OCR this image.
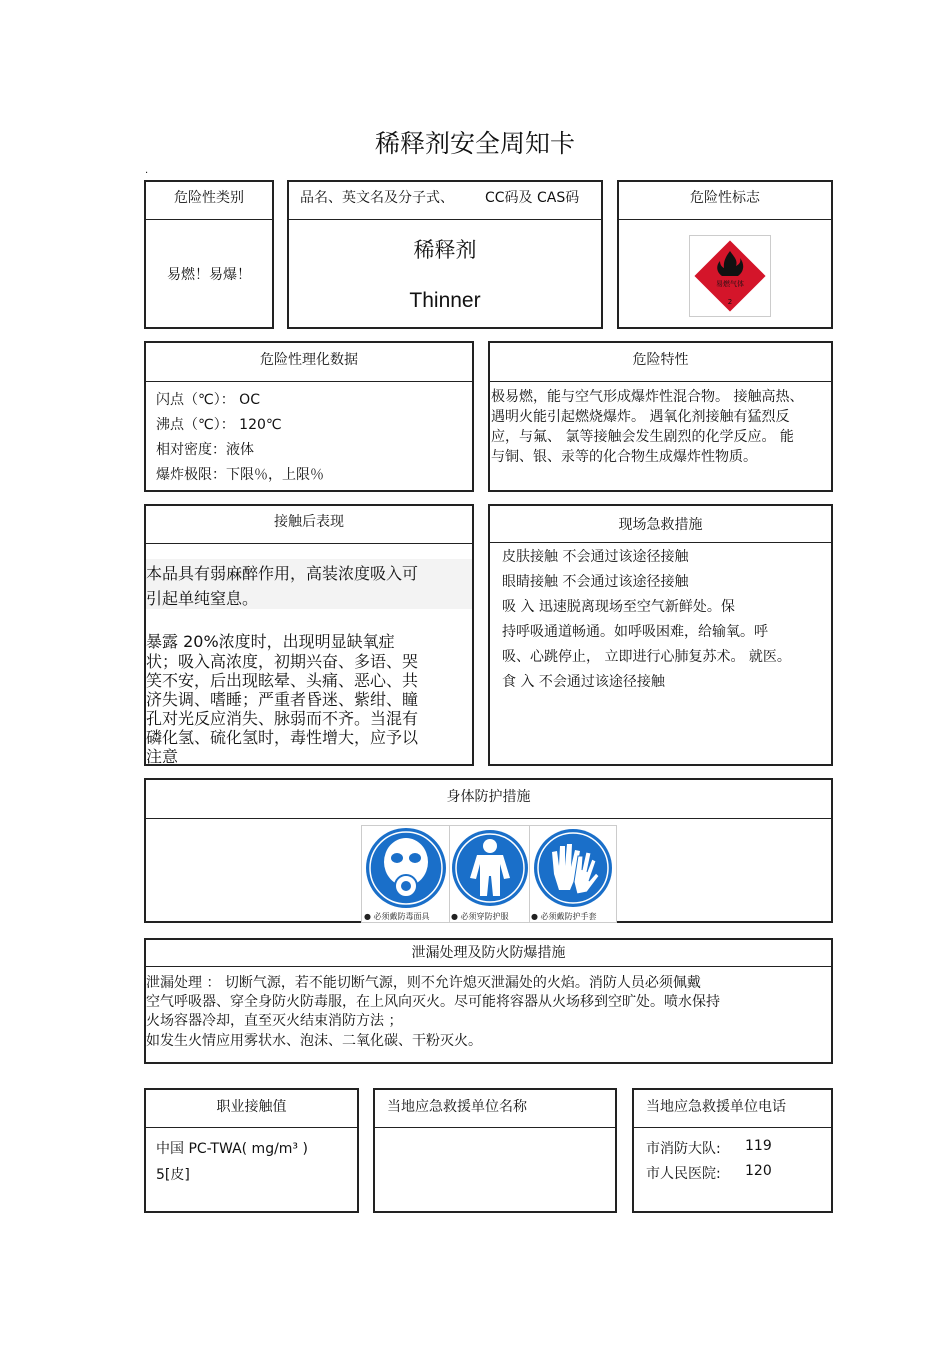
稀释剂安全周知卡
.
危险性类别
易燃！易爆！
品名、英文名及分子式、 CC码及 CAS码
稀释剂
Thinner
危险性标志
易燃气体
2
危险性理化数据
闪点（℃）： OC
沸点（℃）： 120℃
相对密度：液体
爆炸极限：下限％，上限％
危险特性
极易燃，能与空气形成爆炸性混合物。 接触高热、
遇明火能引起燃烧爆炸。 遇氧化剂接触有猛烈反
应，与氟、 氯等接触会发生剧烈的化学反应。 能
与铜、银、汞等的化合物生成爆炸性物质。
接触后表现
本品具有弱麻醉作用，高装浓度吸入可
引起单纯窒息。
暴露 20%浓度时，出现明显缺氧症
状；吸入高浓度，初期兴奋、多语、哭
笑不安，后出现眩晕、头痛、恶心、共
济失调、嗜睡；严重者昏迷、紫绀、瞳
孔对光反应消失、脉弱而不齐。当混有
磷化氢、硫化氢时，毒性增大，应予以
注意
现场急救措施
皮肤接触 不会通过该途径接触
眼睛接触 不会通过该途径接触
吸 入 迅速脱离现场至空气新鲜处。保
持呼吸通道畅通。如呼吸困难，给输氧。呼
吸、心跳停止， 立即进行心肺复苏术。 就医。
食 入 不会通过该途径接触
身体防护措施
● 必须戴防毒面具	● 必须穿防护服	● 必须戴防护手套
泄漏处理及防火防爆措施
泄漏处理 ： 切断气源，若不能切断气源，则不允许熄灭泄漏处的火焰。消防人员必须佩戴
空气呼吸器、穿全身防火防毒服，在上风向灭火。尽可能将容器从火场移到空旷处。喷水保持
火场容器冷却，直至灭火结束消防方法 ；
如发生火情应用雾状水、泡沫、二氧化碳、干粉灭火。
职业接触值
中国 PC-TWA( mg/m³ )
5[皮]
当地应急救援单位名称	当地应急救援单位电话
市消防大队: 119
市人民医院: 120
